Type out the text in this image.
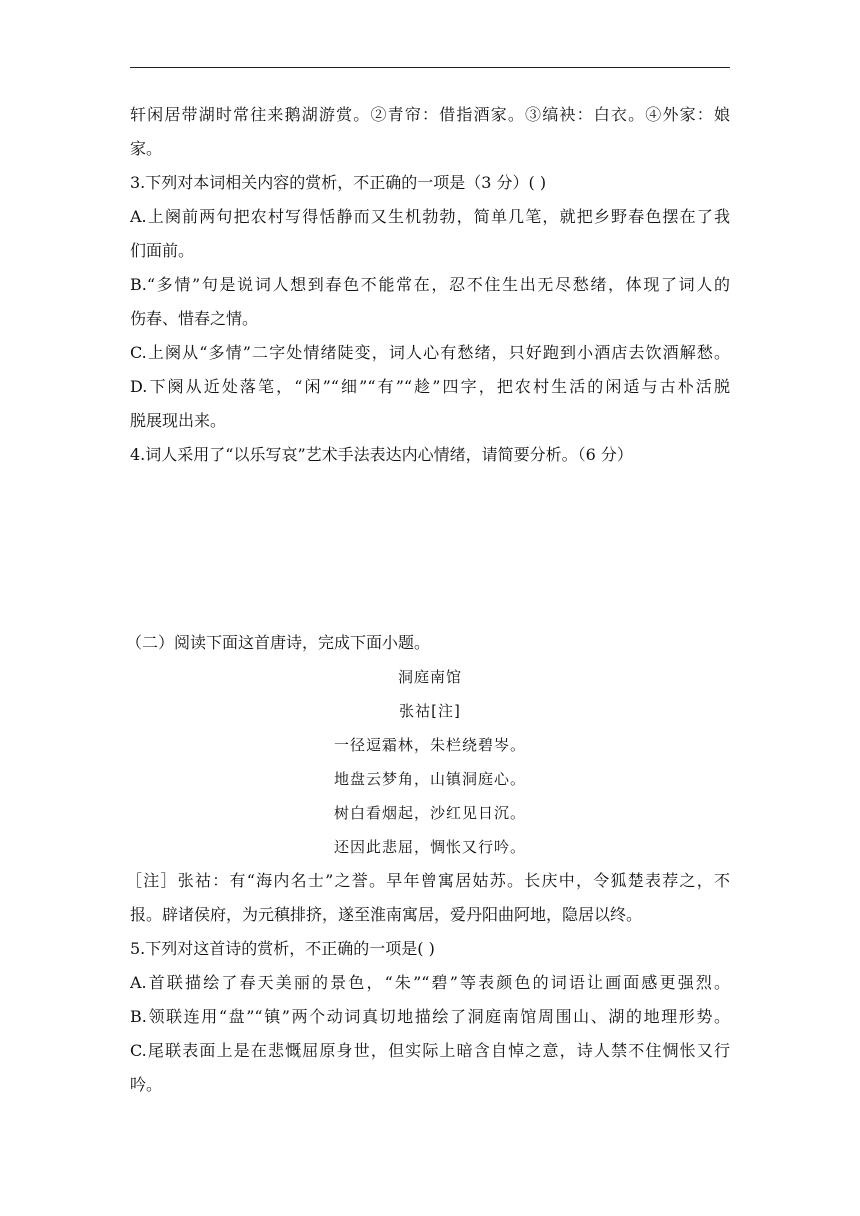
轩闲居带湖时常往来鹅湖游赏。②青帘：借指酒家。③缟袂：白衣。④外家：娘
家。
3.下列对本词相关内容的赏析，不正确的一项是（3 分）( )
A.上阕前两句把农村写得恬静而又生机勃勃，简单几笔，就把乡野春色摆在了我
们面前。
B.“多情”句是说词人想到春色不能常在，忍不住生出无尽愁绪，体现了词人的
伤春、惜春之情。
C.上阕从“多情”二字处情绪陡变，词人心有愁绪，只好跑到小酒店去饮酒解愁。
D.下阕从近处落笔，“闲”“细”“有”“趁”四字，把农村生活的闲适与古朴活脱
脱展现出来。
4.词人采用了“以乐写哀”艺术手法表达内心情绪，请简要分析。（6 分）
（二）阅读下面这首唐诗，完成下面小题。
洞庭南馆
张祜[注]
一径逗霜林，朱栏绕碧岑。
地盘云梦角，山镇洞庭心。
树白看烟起，沙红见日沉。
还因此悲屈，惆怅又行吟。
［注］张祜：有“海内名士”之誉。早年曾寓居姑苏。长庆中，令狐楚表荐之，不
报。辟诸侯府，为元稹排挤，遂至淮南寓居，爱丹阳曲阿地，隐居以终。
5.下列对这首诗的赏析，不正确的一项是( )
A.首联描绘了春天美丽的景色，“朱”“碧”等表颜色的词语让画面感更强烈。
B.领联连用“盘”“镇”两个动词真切地描绘了洞庭南馆周围山、湖的地理形势。
C.尾联表面上是在悲慨屈原身世，但实际上暗含自悼之意，诗人禁不住惆怅又行
吟。
